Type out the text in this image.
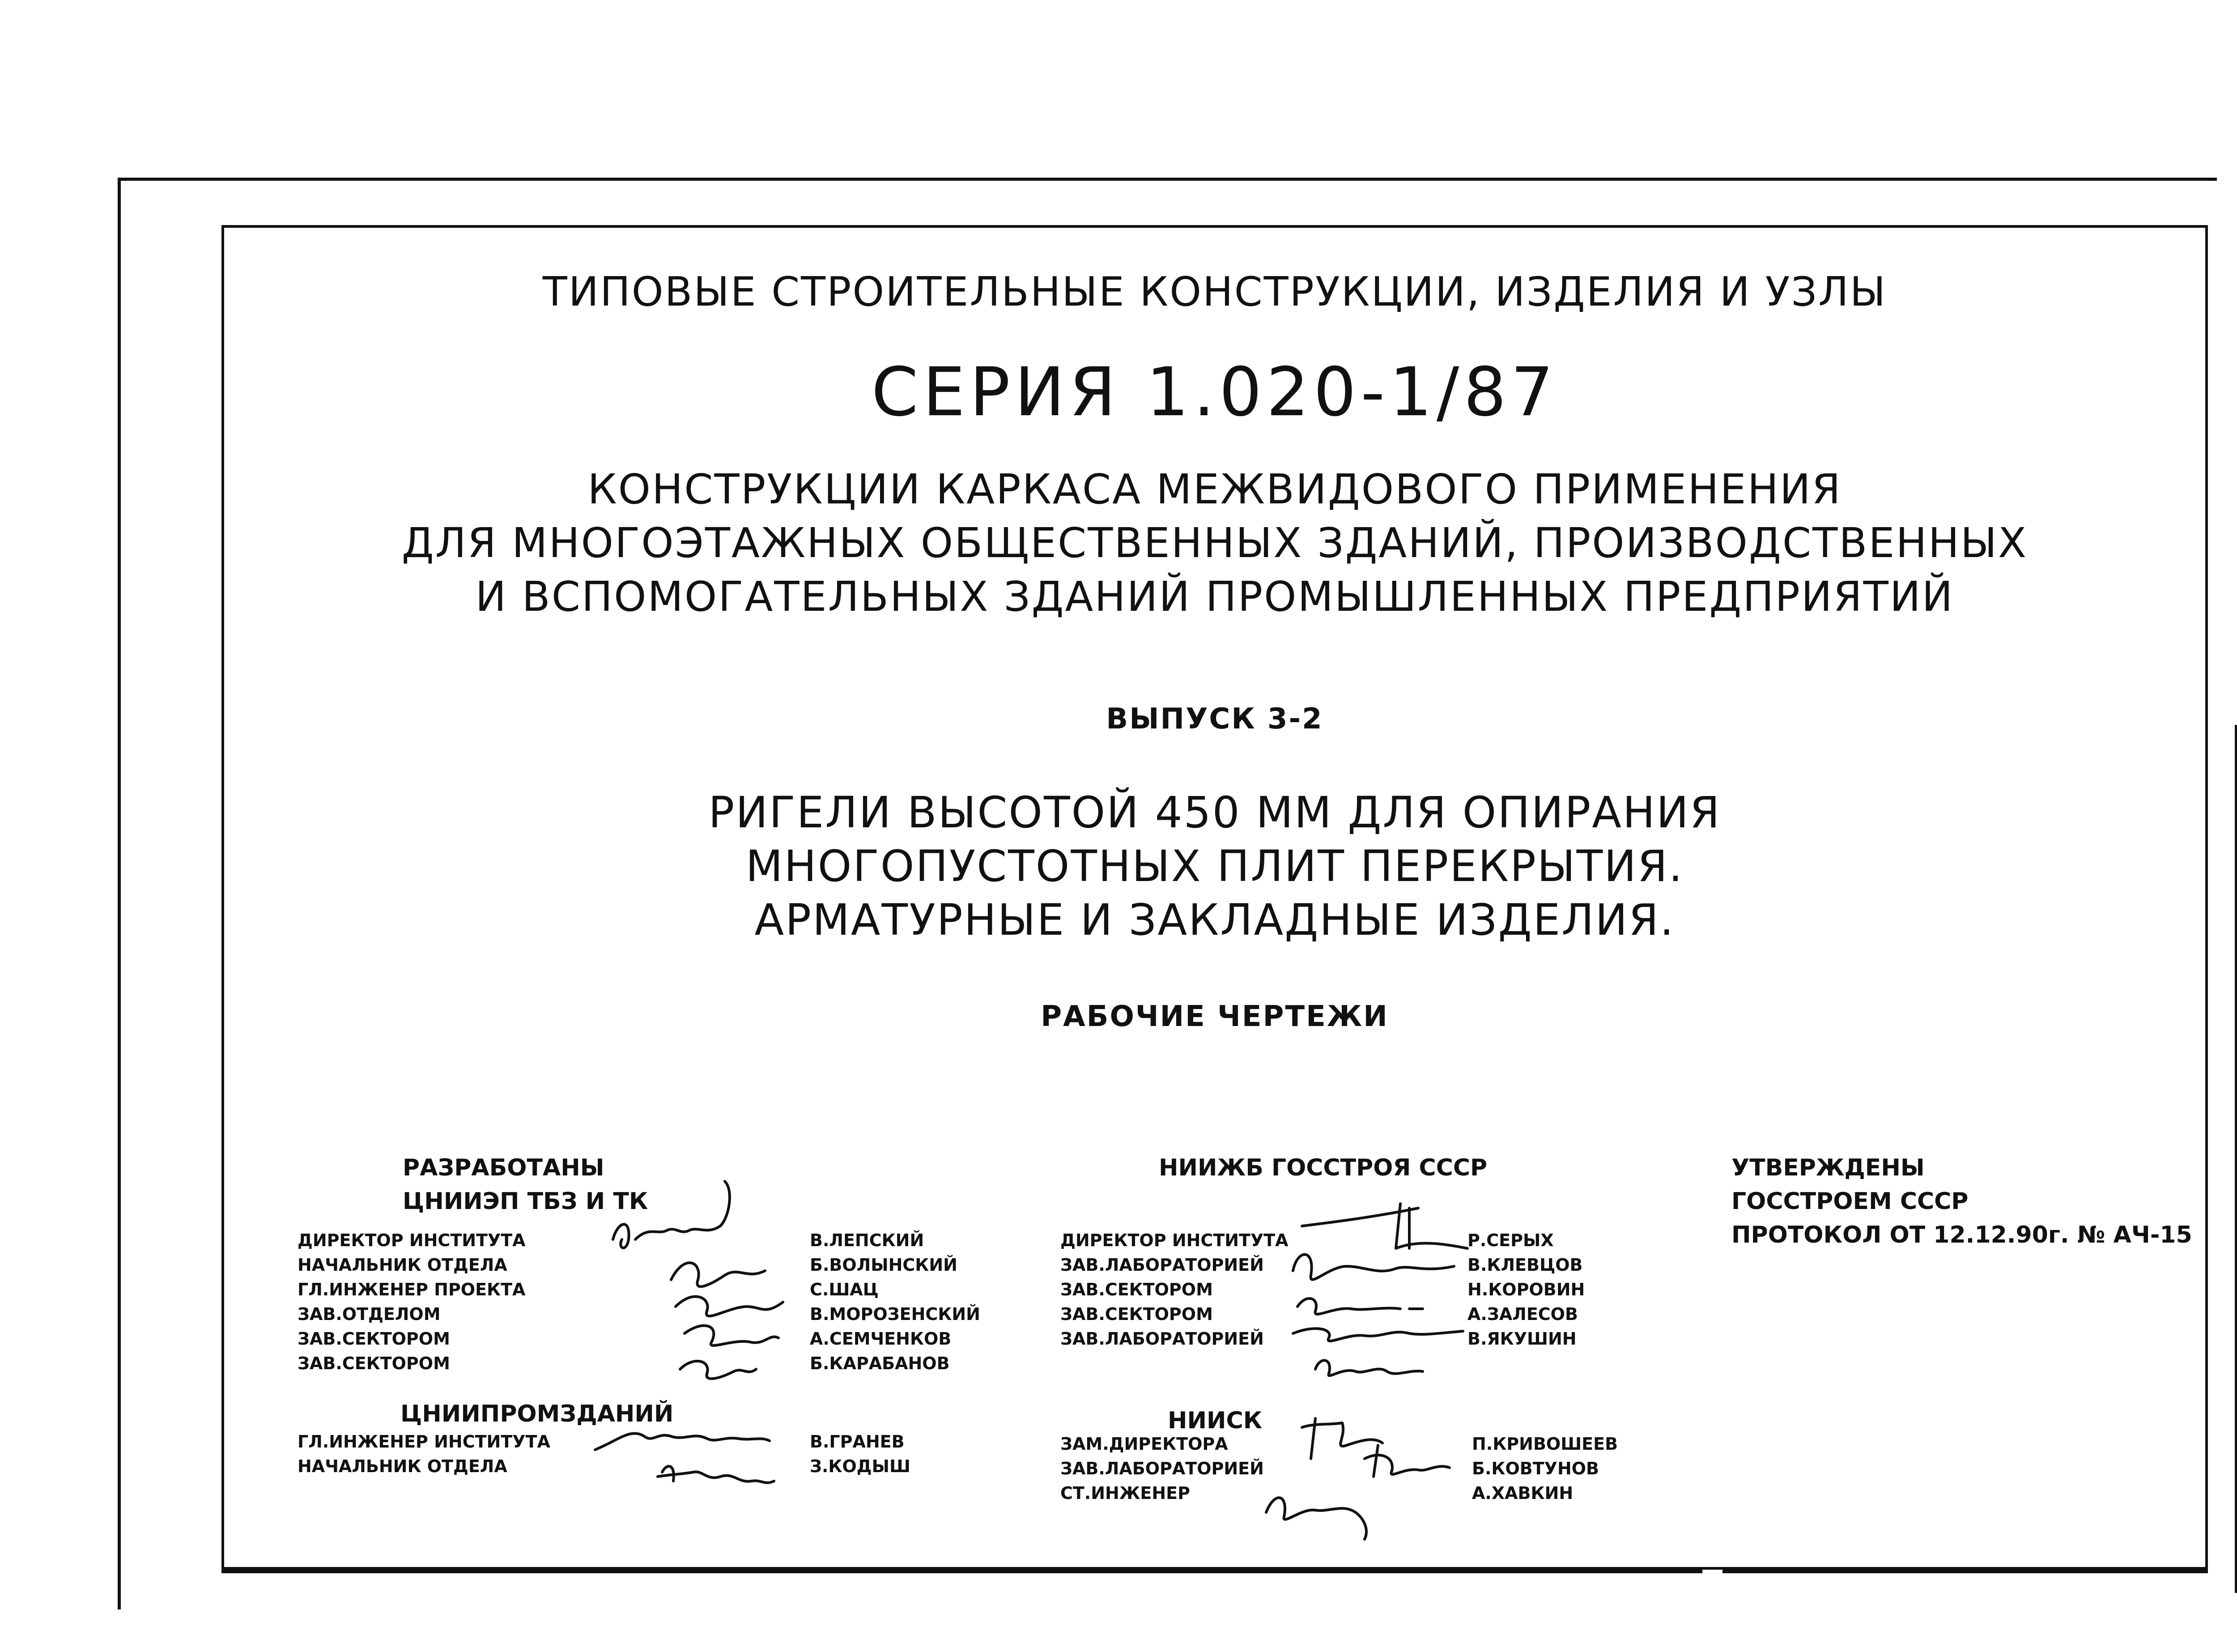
ТИПОВЫЕ СТРОИТЕЛЬНЫЕ КОНСТРУКЦИИ, ИЗДЕЛИЯ И УЗЛЫ
СЕРИЯ 1.020-1/87
КОНСТРУКЦИИ КАРКАСА МЕЖВИДОВОГО ПРИМЕНЕНИЯ
ДЛЯ МНОГОЭТАЖНЫХ ОБЩЕСТВЕННЫХ ЗДАНИЙ, ПРОИЗВОДСТВЕННЫХ
И ВСПОМОГАТЕЛЬНЫХ ЗДАНИЙ ПРОМЫШЛЕННЫХ ПРЕДПРИЯТИЙ
ВЫПУСК 3-2
РИГЕЛИ ВЫСОТОЙ 450 ММ ДЛЯ ОПИРАНИЯ
МНОГОПУСТОТНЫХ ПЛИТ ПЕРЕКРЫТИЯ.
АРМАТУРНЫЕ И ЗАКЛАДНЫЕ ИЗДЕЛИЯ.
РАБОЧИЕ ЧЕРТЕЖИ
РАЗРАБОТАНЫ
ЦНИИЭП ТБЗ И ТК
ДИРЕКТОР ИНСТИТУТА
НАЧАЛЬНИК ОТДЕЛА
ГЛ.ИНЖЕНЕР ПРОЕКТА
ЗАВ.ОТДЕЛОМ
ЗАВ.СЕКТОРОМ
ЗАВ.СЕКТОРОМ
В.ЛЕПСКИЙ
Б.ВОЛЫНСКИЙ
С.ШАЦ
В.МОРОЗЕНСКИЙ
А.СЕМЧЕНКОВ
Б.КАРАБАНОВ
ЦНИИПРОМЗДАНИЙ
ГЛ.ИНЖЕНЕР ИНСТИТУТА
НАЧАЛЬНИК ОТДЕЛА
В.ГРАНЕВ
З.КОДЫШ
НИИЖБ ГОССТРОЯ СССР
ДИРЕКТОР ИНСТИТУТА
ЗАВ.ЛАБОРАТОРИЕЙ
ЗАВ.СЕКТОРОМ
ЗАВ.СЕКТОРОМ
ЗАВ.ЛАБОРАТОРИЕЙ
Р.СЕРЫХ
В.КЛЕВЦОВ
Н.КОРОВИН
А.ЗАЛЕСОВ
В.ЯКУШИН
НИИСК
ЗАМ.ДИРЕКТОРА
ЗАВ.ЛАБОРАТОРИЕЙ
СТ.ИНЖЕНЕР
П.КРИВОШЕЕВ
Б.КОВТУНОВ
А.ХАВКИН
УТВЕРЖДЕНЫ
ГОССТРОЕМ СССР
ПРОТОКОЛ ОТ 12.12.90г. № АЧ-15
